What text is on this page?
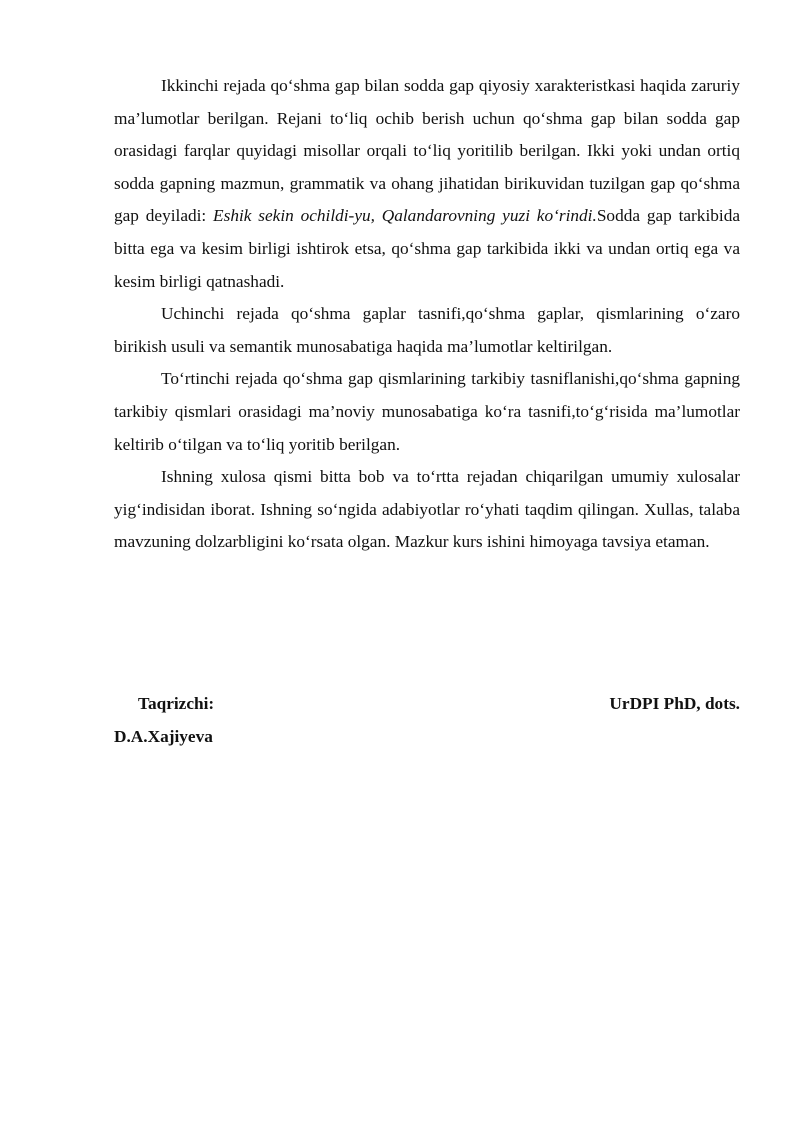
Ikkinchi rejada qo‘shma gap bilan sodda gap qiyosiy xarakteristkasi haqida zaruriy ma’lumotlar berilgan. Rejani to‘liq ochib berish uchun qo‘shma gap bilan sodda gap orasidagi farqlar quyidagi misollar orqali to‘liq yoritilib berilgan. Ikki yoki undan ortiq sodda gapning mazmun, grammatik va ohang jihatidan birikuvidan tuzilgan gap qo‘shma gap deyiladi: Eshik sekin ochildi-yu, Qalandarovning yuzi ko‘rindi.Sodda gap tarkibida bitta ega va kesim birligi ishtirok etsa, qo‘shma gap tarkibida ikki va undan ortiq ega va kesim birligi qatnashadi.

Uchinchi rejada qo‘shma gaplar tasnifi,qo‘shma gaplar, qismlarining o‘zaro birikish usuli va semantik munosabatiga haqida ma’lumotlar keltirilgan.

To‘rtinchi rejada qo‘shma gap qismlarining tarkibiy tasniflanishi,qo‘shma gapning tarkibiy qismlari orasidagi ma’noviy munosabatiga ko‘ra tasnifi,to‘g‘risida ma’lumotlar keltirib o‘tilgan va to‘liq yoritib berilgan.

Ishning xulosa qismi bitta bob va to‘rtta rejadan chiqarilgan umumiy xulosalar yig‘indisidan iborat. Ishning so‘ngida adabiyotlar ro‘yhati taqdim qilingan. Xullas, talaba mavzuning dolzarbligini ko‘rsata olgan. Mazkur kurs ishini himoyaga tavsiya etaman.

Taqrizchi:	UrDPI PhD, dots.

D.A.Xajiyeva
